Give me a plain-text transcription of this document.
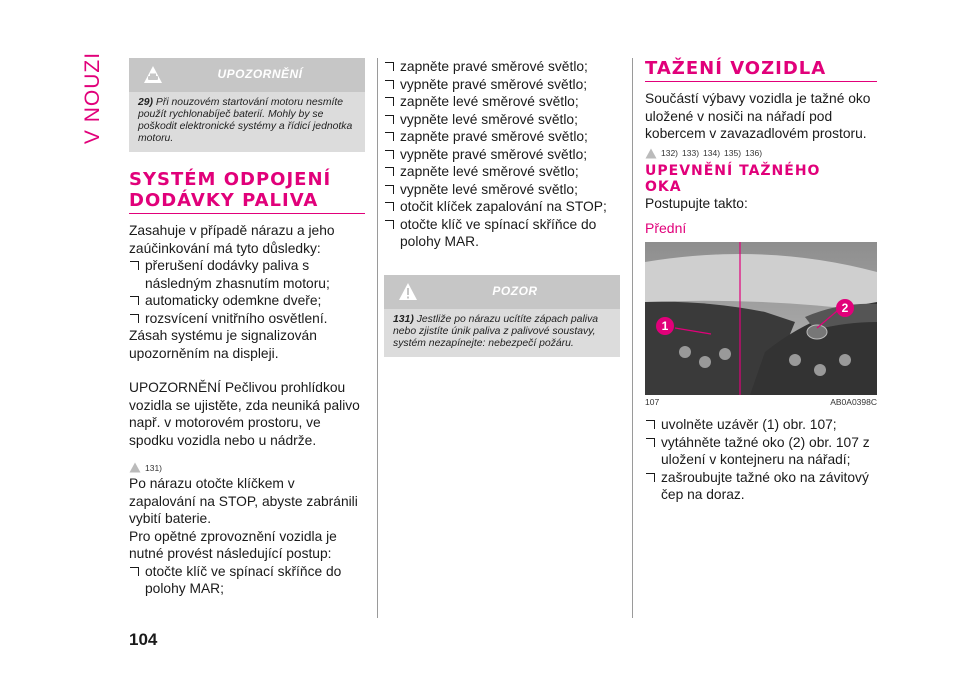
V NOUZI	UPOZORNĚNÍ
29) Při nouzovém startování motoru nesmíte použít rychlonabíječ baterií. Mohly by se poškodit elektronické systémy a řídicí jednotka motoru.
SYSTÉM ODPOJENÍ
DODÁVKY PALIVA

Zasahuje v případě nárazu a jeho zaúčinkování má tyto důsledky:

přerušení dodávky paliva s následným zhasnutím motoru;
automaticky odemkne dveře;
rozsvícení vnitřního osvětlení.

Zásah systému je signalizován upozorněním na displeji.

UPOZORNĚNÍ Pečlivou prohlídkou vozidla se ujistěte, zda neuniká palivo např. v motorovém prostoru, ve spodku vozidla nebo u nádrže.

131)

Po nárazu otočte klíčkem v zapalování na STOP, abyste zabránili vybití baterie.

Pro opětné zprovoznění vozidla je nutné provést následující postup:

otočte klíč ve spínací skříňce do polohy MAR;
zapněte pravé směrové světlo;
vypněte pravé směrové světlo;
zapněte levé směrové světlo;
vypněte levé směrové světlo;
zapněte pravé směrové světlo;
vypněte pravé směrové světlo;
zapněte levé směrové světlo;
vypněte levé směrové světlo;
otočit klíček zapalování na STOP;
otočte klíč ve spínací skříňce do polohy MAR.
POZOR
131) Jestliže po nárazu ucítíte zápach paliva nebo zjistíte únik paliva z palivové soustavy, systém nezapínejte: nebezpečí požáru.
TAŽENÍ VOZIDLA

Součástí výbavy vozidla je tažné oko uložené v nosiči na nářadí pod kobercem v zavazadlovém prostoru.

132) 133) 134) 135) 136)
UPEVNĚNÍ TAŽNÉHO
OKA

Postupujte takto:

Přední
1
2
107	AB0A0398C
uvolněte uzávěr (1) obr. 107;
vytáhněte tažné oko (2) obr. 107 z uložení v kontejneru na nářadí;
zašroubujte tažné oko na závitový čep na doraz.
104
